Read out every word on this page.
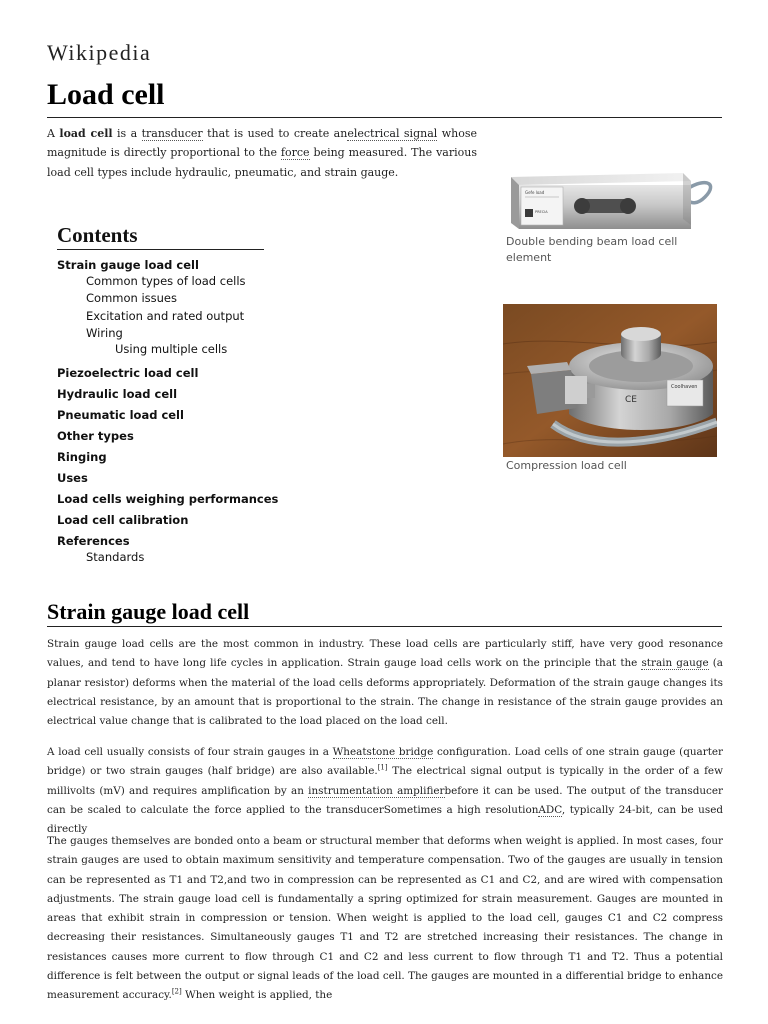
Wikipedia
Load cell

A load cell is a transducer that is used to create anelectrical signal whose magnitude is directly proportional to the force being measured. The various load cell types include hydraulic, pneumatic, and strain gauge.

Contents
Strain gauge load cell
Common types of load cells
Common issues
Excitation and rated output
Wiring
Using multiple cells
Piezoelectric load cell
Hydraulic load cell
Pneumatic load cell
Other types
Ringing
Uses
Load cells weighing performances
Load cell calibration
References
Standards
Gefe load
PRECIA
Double bending beam load cell element
Coolhaven
CE
Compression load cell
Strain gauge load cell

Strain gauge load cells are the most common in industry. These load cells are particularly stiff, have very good resonance values, and tend to have long life cycles in application. Strain gauge load cells work on the principle that the strain gauge (a planar resistor) deforms when the material of the load cells deforms appropriately. Deformation of the strain gauge changes its electrical resistance, by an amount that is proportional to the strain. The change in resistance of the strain gauge provides an electrical value change that is calibrated to the load placed on the load cell.

A load cell usually consists of four strain gauges in a Wheatstone bridge configuration. Load cells of one strain gauge (quarter bridge) or two strain gauges (half bridge) are also available.[1] The electrical signal output is typically in the order of a few millivolts (mV) and requires amplification by an instrumentation amplifierbefore it can be used. The output of the transducer can be scaled to calculate the force applied to the transducerSometimes a high resolutionADC, typically 24-bit, can be used directly

The gauges themselves are bonded onto a beam or structural member that deforms when weight is applied. In most cases, four strain gauges are used to obtain maximum sensitivity and temperature compensation. Two of the gauges are usually in tension can be represented as T1 and T2,and two in compression can be represented as C1 and C2, and are wired with compensation adjustments. The strain gauge load cell is fundamentally a spring optimized for strain measurement. Gauges are mounted in areas that exhibit strain in compression or tension. When weight is applied to the load cell, gauges C1 and C2 compress decreasing their resistances. Simultaneously gauges T1 and T2 are stretched increasing their resistances. The change in resistances causes more current to flow through C1 and C2 and less current to flow through T1 and T2. Thus a potential difference is felt between the output or signal leads of the load cell. The gauges are mounted in a differential bridge to enhance measurement accuracy.[2] When weight is applied, the
